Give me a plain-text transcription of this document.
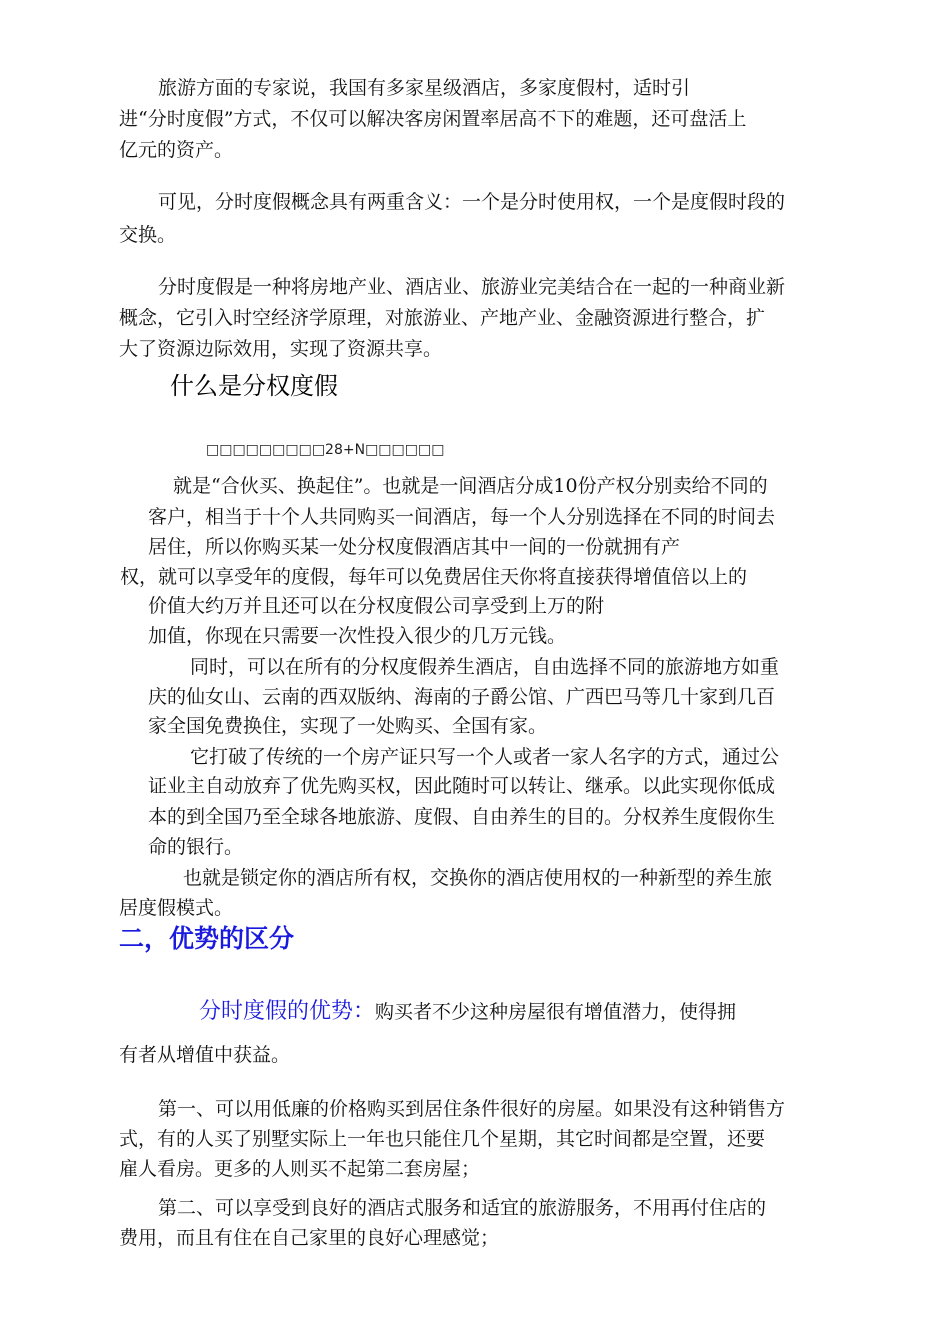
旅游方面的专家说，我国有多家星级酒店，多家度假村，适时引
进“分时度假”方式，不仅可以解决客房闲置率居高不下的难题，还可盘活上
亿元的资产。
可见，分时度假概念具有两重含义：一个是分时使用权，一个是度假时段的
交换。
分时度假是一种将房地产业、酒店业、旅游业完美结合在一起的一种商业新
概念，它引入时空经济学原理，对旅游业、产地产业、金融资源进行整合，扩
大了资源边际效用，实现了资源共享。
什么是分权度假
□□□□□□□□□28+N□□□□□□
就是“合伙买、换起住”。也就是一间酒店分成10份产权分别卖给不同的
客户，相当于十个人共同购买一间酒店，每一个人分别选择在不同的时间去
居住，所以你购买某一处分权度假酒店其中一间的一份就拥有产
权，就可以享受年的度假，每年可以免费居住天你将直接获得增值倍以上的
价值大约万并且还可以在分权度假公司享受到上万的附
加值，你现在只需要一次性投入很少的几万元钱。
同时，可以在所有的分权度假养生酒店，自由选择不同的旅游地方如重
庆的仙女山、云南的西双版纳、海南的子爵公馆、广西巴马等几十家到几百
家全国免费换住，实现了一处购买、全国有家。
它打破了传统的一个房产证只写一个人或者一家人名字的方式，通过公
证业主自动放弃了优先购买权，因此随时可以转让、继承。以此实现你低成
本的到全国乃至全球各地旅游、度假、自由养生的目的。分权养生度假你生
命的银行。
也就是锁定你的酒店所有权，交换你的酒店使用权的一种新型的养生旅
居度假模式。
二，优势的区分
分时度假的优势：购买者不少这种房屋很有增值潜力，使得拥
有者从增值中获益。
第一、可以用低廉的价格购买到居住条件很好的房屋。如果没有这种销售方
式，有的人买了别墅实际上一年也只能住几个星期，其它时间都是空置，还要
雇人看房。更多的人则买不起第二套房屋；
第二、可以享受到良好的酒店式服务和适宜的旅游服务，不用再付住店的
费用，而且有住在自己家里的良好心理感觉；
